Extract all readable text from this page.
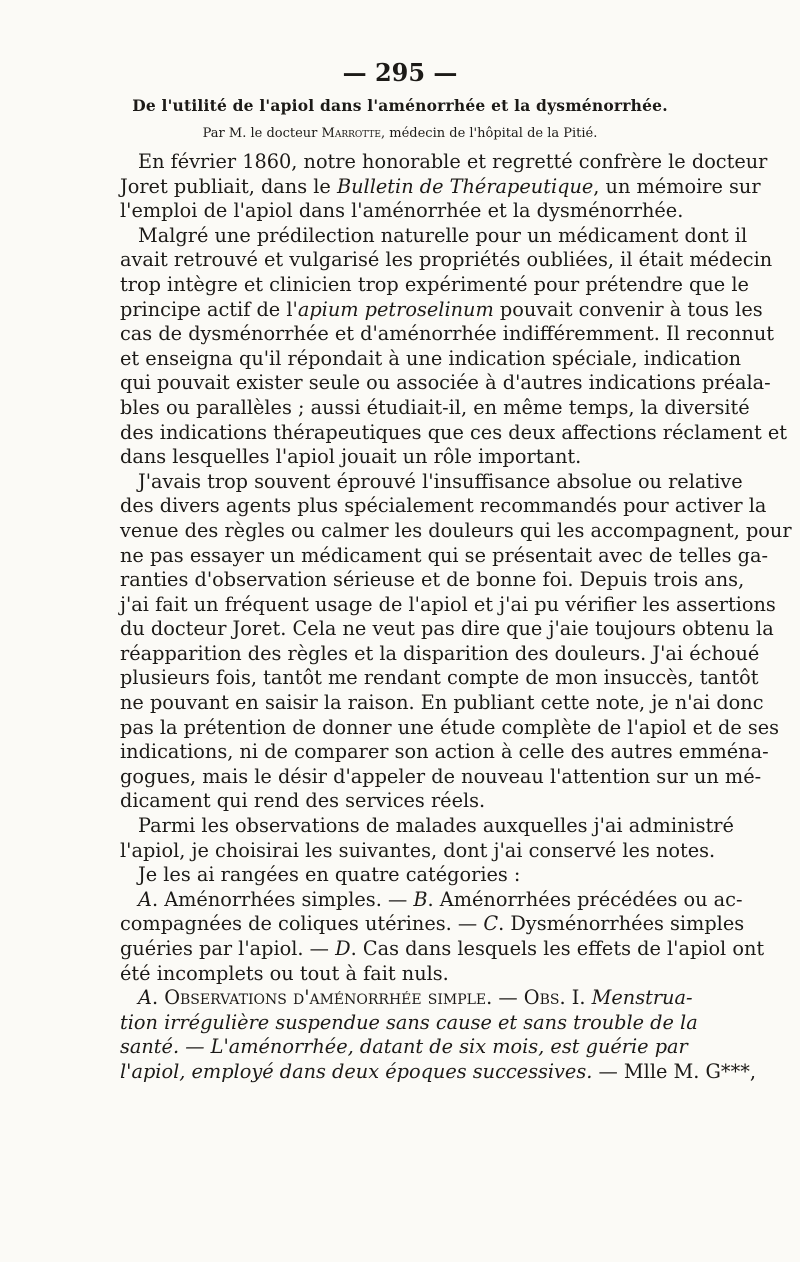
— 295 —
De l'utilité de l'apiol dans l'aménorrhée et la dysménorrhée.
Par M. le docteur Marrotte, médecin de l'hôpital de la Pitié.
En février 1860, notre honorable et regretté confrère le docteur
Joret publiait, dans le Bulletin de Thérapeutique, un mémoire sur
l'emploi de l'apiol dans l'aménorrhée et la dysménorrhée.
Malgré une prédilection naturelle pour un médicament dont il
avait retrouvé et vulgarisé les propriétés oubliées, il était médecin
trop intègre et clinicien trop expérimenté pour prétendre que le
principe actif de l'apium petroselinum pouvait convenir à tous les
cas de dysménorrhée et d'aménorrhée indifféremment. Il reconnut
et enseigna qu'il répondait à une indication spéciale, indication
qui pouvait exister seule ou associée à d'autres indications préala-
bles ou parallèles ; aussi étudiait-il, en même temps, la diversité
des indications thérapeutiques que ces deux affections réclament et
dans lesquelles l'apiol jouait un rôle important.
J'avais trop souvent éprouvé l'insuffisance absolue ou relative
des divers agents plus spécialement recommandés pour activer la
venue des règles ou calmer les douleurs qui les accompagnent, pour
ne pas essayer un médicament qui se présentait avec de telles ga-
ranties d'observation sérieuse et de bonne foi. Depuis trois ans,
j'ai fait un fréquent usage de l'apiol et j'ai pu vérifier les assertions
du docteur Joret. Cela ne veut pas dire que j'aie toujours obtenu la
réapparition des règles et la disparition des douleurs. J'ai échoué
plusieurs fois, tantôt me rendant compte de mon insuccès, tantôt
ne pouvant en saisir la raison. En publiant cette note, je n'ai donc
pas la prétention de donner une étude complète de l'apiol et de ses
indications, ni de comparer son action à celle des autres emména-
gogues, mais le désir d'appeler de nouveau l'attention sur un mé-
dicament qui rend des services réels.
Parmi les observations de malades auxquelles j'ai administré
l'apiol, je choisirai les suivantes, dont j'ai conservé les notes.
Je les ai rangées en quatre catégories :
A. Aménorrhées simples. — B. Aménorrhées précédées ou ac-
compagnées de coliques utérines. — C. Dysménorrhées simples
guéries par l'apiol. — D. Cas dans lesquels les effets de l'apiol ont
été incomplets ou tout à fait nuls.
A. Observations d'aménorrhée simple. — Obs. I. Menstrua-
tion irrégulière suspendue sans cause et sans trouble de la
santé. — L'aménorrhée, datant de six mois, est guérie par
l'apiol, employé dans deux époques successives. — Mlle M. G***,
